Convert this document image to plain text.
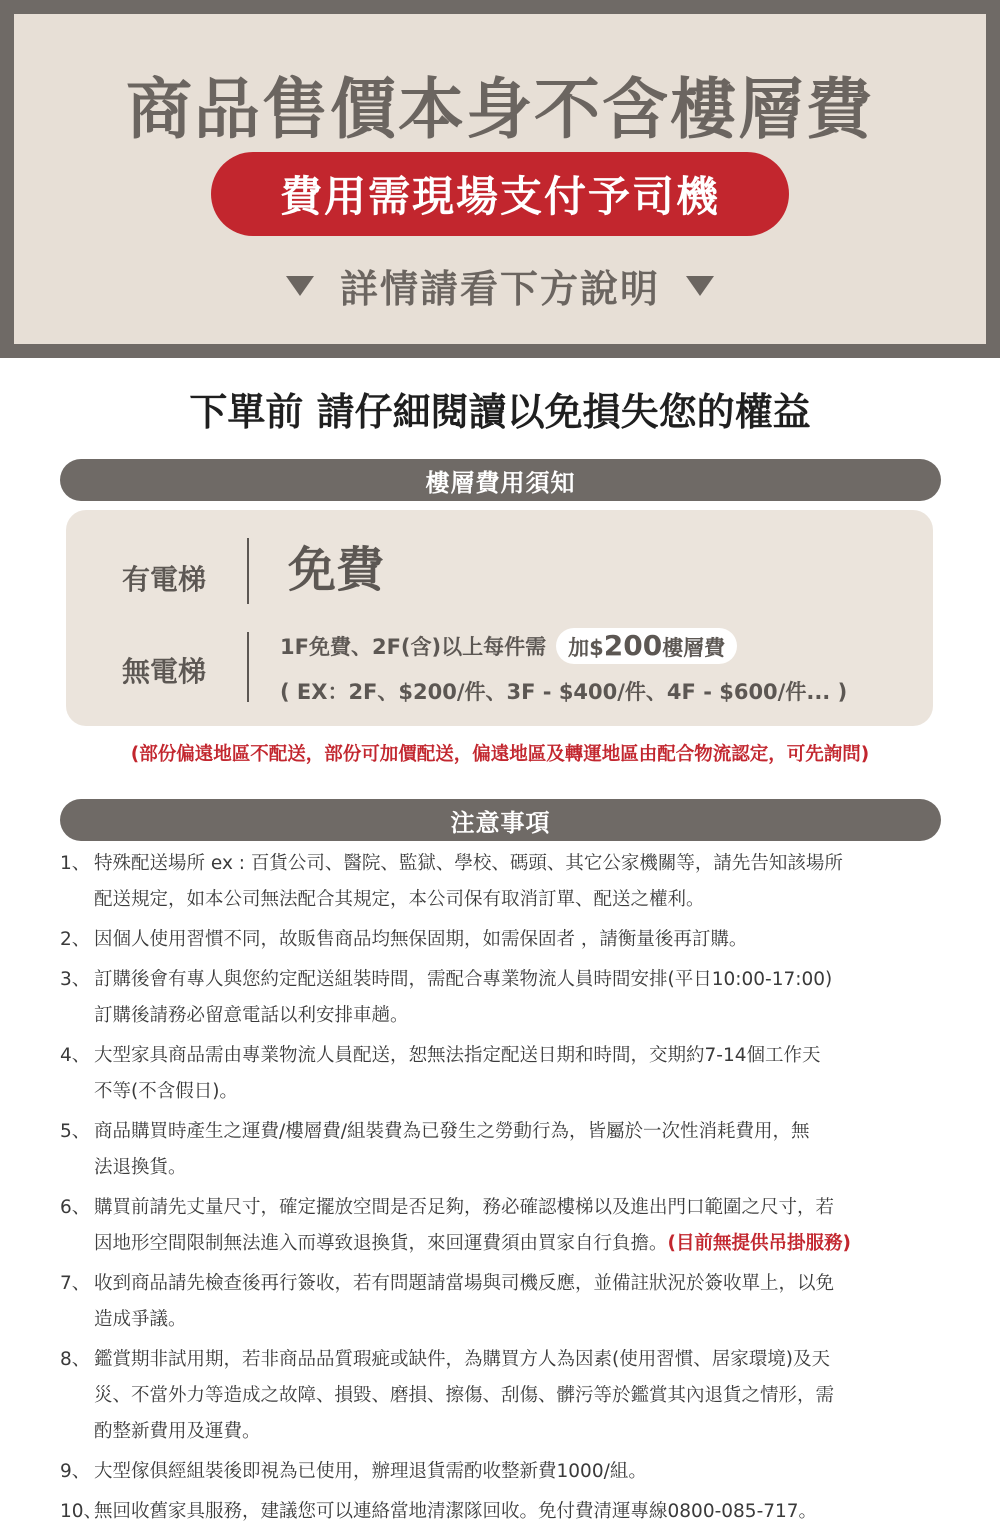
商品售價本身不含樓層費
費用需現場支付予司機
詳情請看下方說明
下單前 請仔細閱讀以免損失您的權益
樓層費用須知
有電梯	免費
無電梯
1F免費、2F(含)以上每件需 加$ 200 樓層費
( EX：2F、$200/件、3F - $400/件、4F - $600/件... )
(部份偏遠地區不配送，部份可加價配送，偏遠地區及轉運地區由配合物流認定，可先詢問)
注意事項
1、 特殊配送場所 ex : 百貨公司、醫院、監獄、學校、碼頭、其它公家機關等，請先告知該場所
配送規定，如本公司無法配合其規定，本公司保有取消訂單、配送之權利。
2、 因個人使用習慣不同，故販售商品均無保固期，如需保固者 ，請衡量後再訂購。
3、 訂購後會有專人與您約定配送組裝時間，需配合專業物流人員時間安排(平日10:00-17:00)
訂購後請務必留意電話以利安排車趟。
4、 大型家具商品需由專業物流人員配送，恕無法指定配送日期和時間，交期約7-14個工作天
不等(不含假日)。
5、 商品購買時產生之運費/樓層費/組裝費為已發生之勞動行為，皆屬於一次性消耗費用，無
法退換貨。
6、 購買前請先丈量尺寸，確定擺放空間是否足夠，務必確認樓梯以及進出門口範圍之尺寸，若
因地形空間限制無法進入而導致退換貨，來回運費須由買家自行負擔。(目前無提供吊掛服務)
7、 收到商品請先檢查後再行簽收，若有問題請當場與司機反應，並備註狀況於簽收單上，以免
造成爭議。
8、 鑑賞期非試用期，若非商品品質瑕疵或缺件，為購買方人為因素(使用習慣、居家環境)及天
災、不當外力等造成之故障、損毀、磨損、擦傷、刮傷、髒污等於鑑賞其內退貨之情形，需
酌整新費用及運費。
9、 大型傢俱經組裝後即視為已使用，辦理退貨需酌收整新費1000/組。
10、
無回收舊家具服務，建議您可以連絡當地清潔隊回收。免付費清運專線0800-085-717。
